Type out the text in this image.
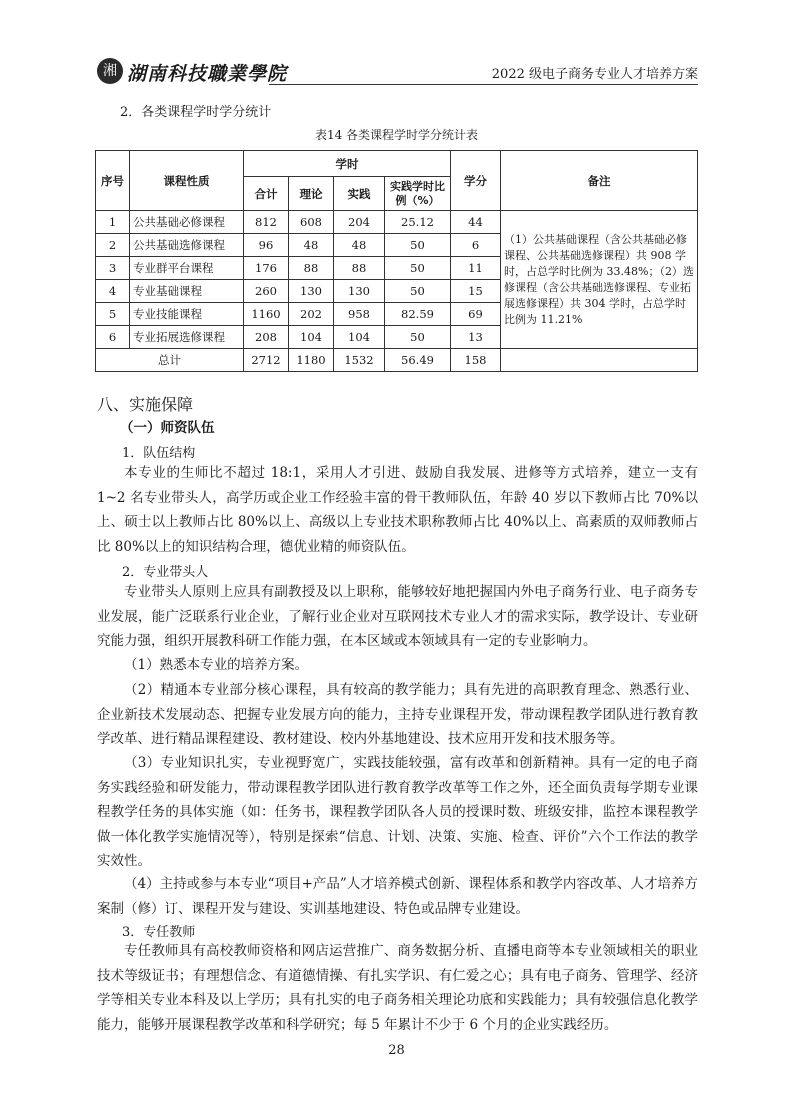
湘 湖南科技職業學院	2022 级电子商务专业人才培养方案
2．各类课程学时学分统计
表14 各类课程学时学分统计表
序号	课程性质	学时				学分	备注
		合计	理论	实践	实践学时比例（%）		
1	公共基础必修课程	812	608	204	25.12	44	（1）公共基础课程（含公共基础必修课程、公共基础选修课程）共 908 学时，占总学时比例为 33.48%；（2）选修课程（含公共基础选修课程、专业拓展选修课程）共 304 学时，占总学时比例为 11.21%
2	公共基础选修课程	96	48	48	50	6	
3	专业群平台课程	176	88	88	50	11	
4	专业基础课程	260	130	130	50	15	
5	专业技能课程	1160	202	958	82.59	69	
6	专业拓展选修课程	208	104	104	50	13	
总计		2712	1180	1532	56.49	158	
八、实施保障
（一）师资队伍
1．队伍结构
本专业的生师比不超过 18:1，采用人才引进、鼓励自我发展、进修等方式培养，建立一支有 1~2 名专业带头人，高学历或企业工作经验丰富的骨干教师队伍，年龄 40 岁以下教师占比 70%以上、硕士以上教师占比 80%以上、高级以上专业技术职称教师占比 40%以上、高素质的双师教师占比 80%以上的知识结构合理，德优业精的师资队伍。
2．专业带头人
专业带头人原则上应具有副教授及以上职称，能够较好地把握国内外电子商务行业、电子商务专业发展，能广泛联系行业企业，了解行业企业对互联网技术专业人才的需求实际，教学设计、专业研究能力强，组织开展教科研工作能力强，在本区域或本领域具有一定的专业影响力。
（1）熟悉本专业的培养方案。
（2）精通本专业部分核心课程，具有较高的教学能力；具有先进的高职教育理念、熟悉行业、企业新技术发展动态、把握专业发展方向的能力，主持专业课程开发，带动课程教学团队进行教育教学改革、进行精品课程建设、教材建设、校内外基地建设、技术应用开发和技术服务等。
（3）专业知识扎实，专业视野宽广，实践技能较强，富有改革和创新精神。具有一定的电子商务实践经验和研发能力，带动课程教学团队进行教育教学改革等工作之外，还全面负责每学期专业课程教学任务的具体实施（如：任务书，课程教学团队各人员的授课时数、班级安排，监控本课程教学做一体化教学实施情况等），特别是探索“信息、计划、决策、实施、检查、评价”六个工作法的教学实效性。
（4）主持或参与本专业“项目+产品”人才培养模式创新、课程体系和教学内容改革、人才培养方案制（修）订、课程开发与建设、实训基地建设、特色或品牌专业建设。
3．专任教师
专任教师具有高校教师资格和网店运营推广、商务数据分析、直播电商等本专业领域相关的职业技术等级证书；有理想信念、有道德情操、有扎实学识、有仁爱之心；具有电子商务、管理学、经济学等相关专业本科及以上学历；具有扎实的电子商务相关理论功底和实践能力；具有较强信息化教学能力，能够开展课程教学改革和科学研究；每 5 年累计不少于 6 个月的企业实践经历。
28
